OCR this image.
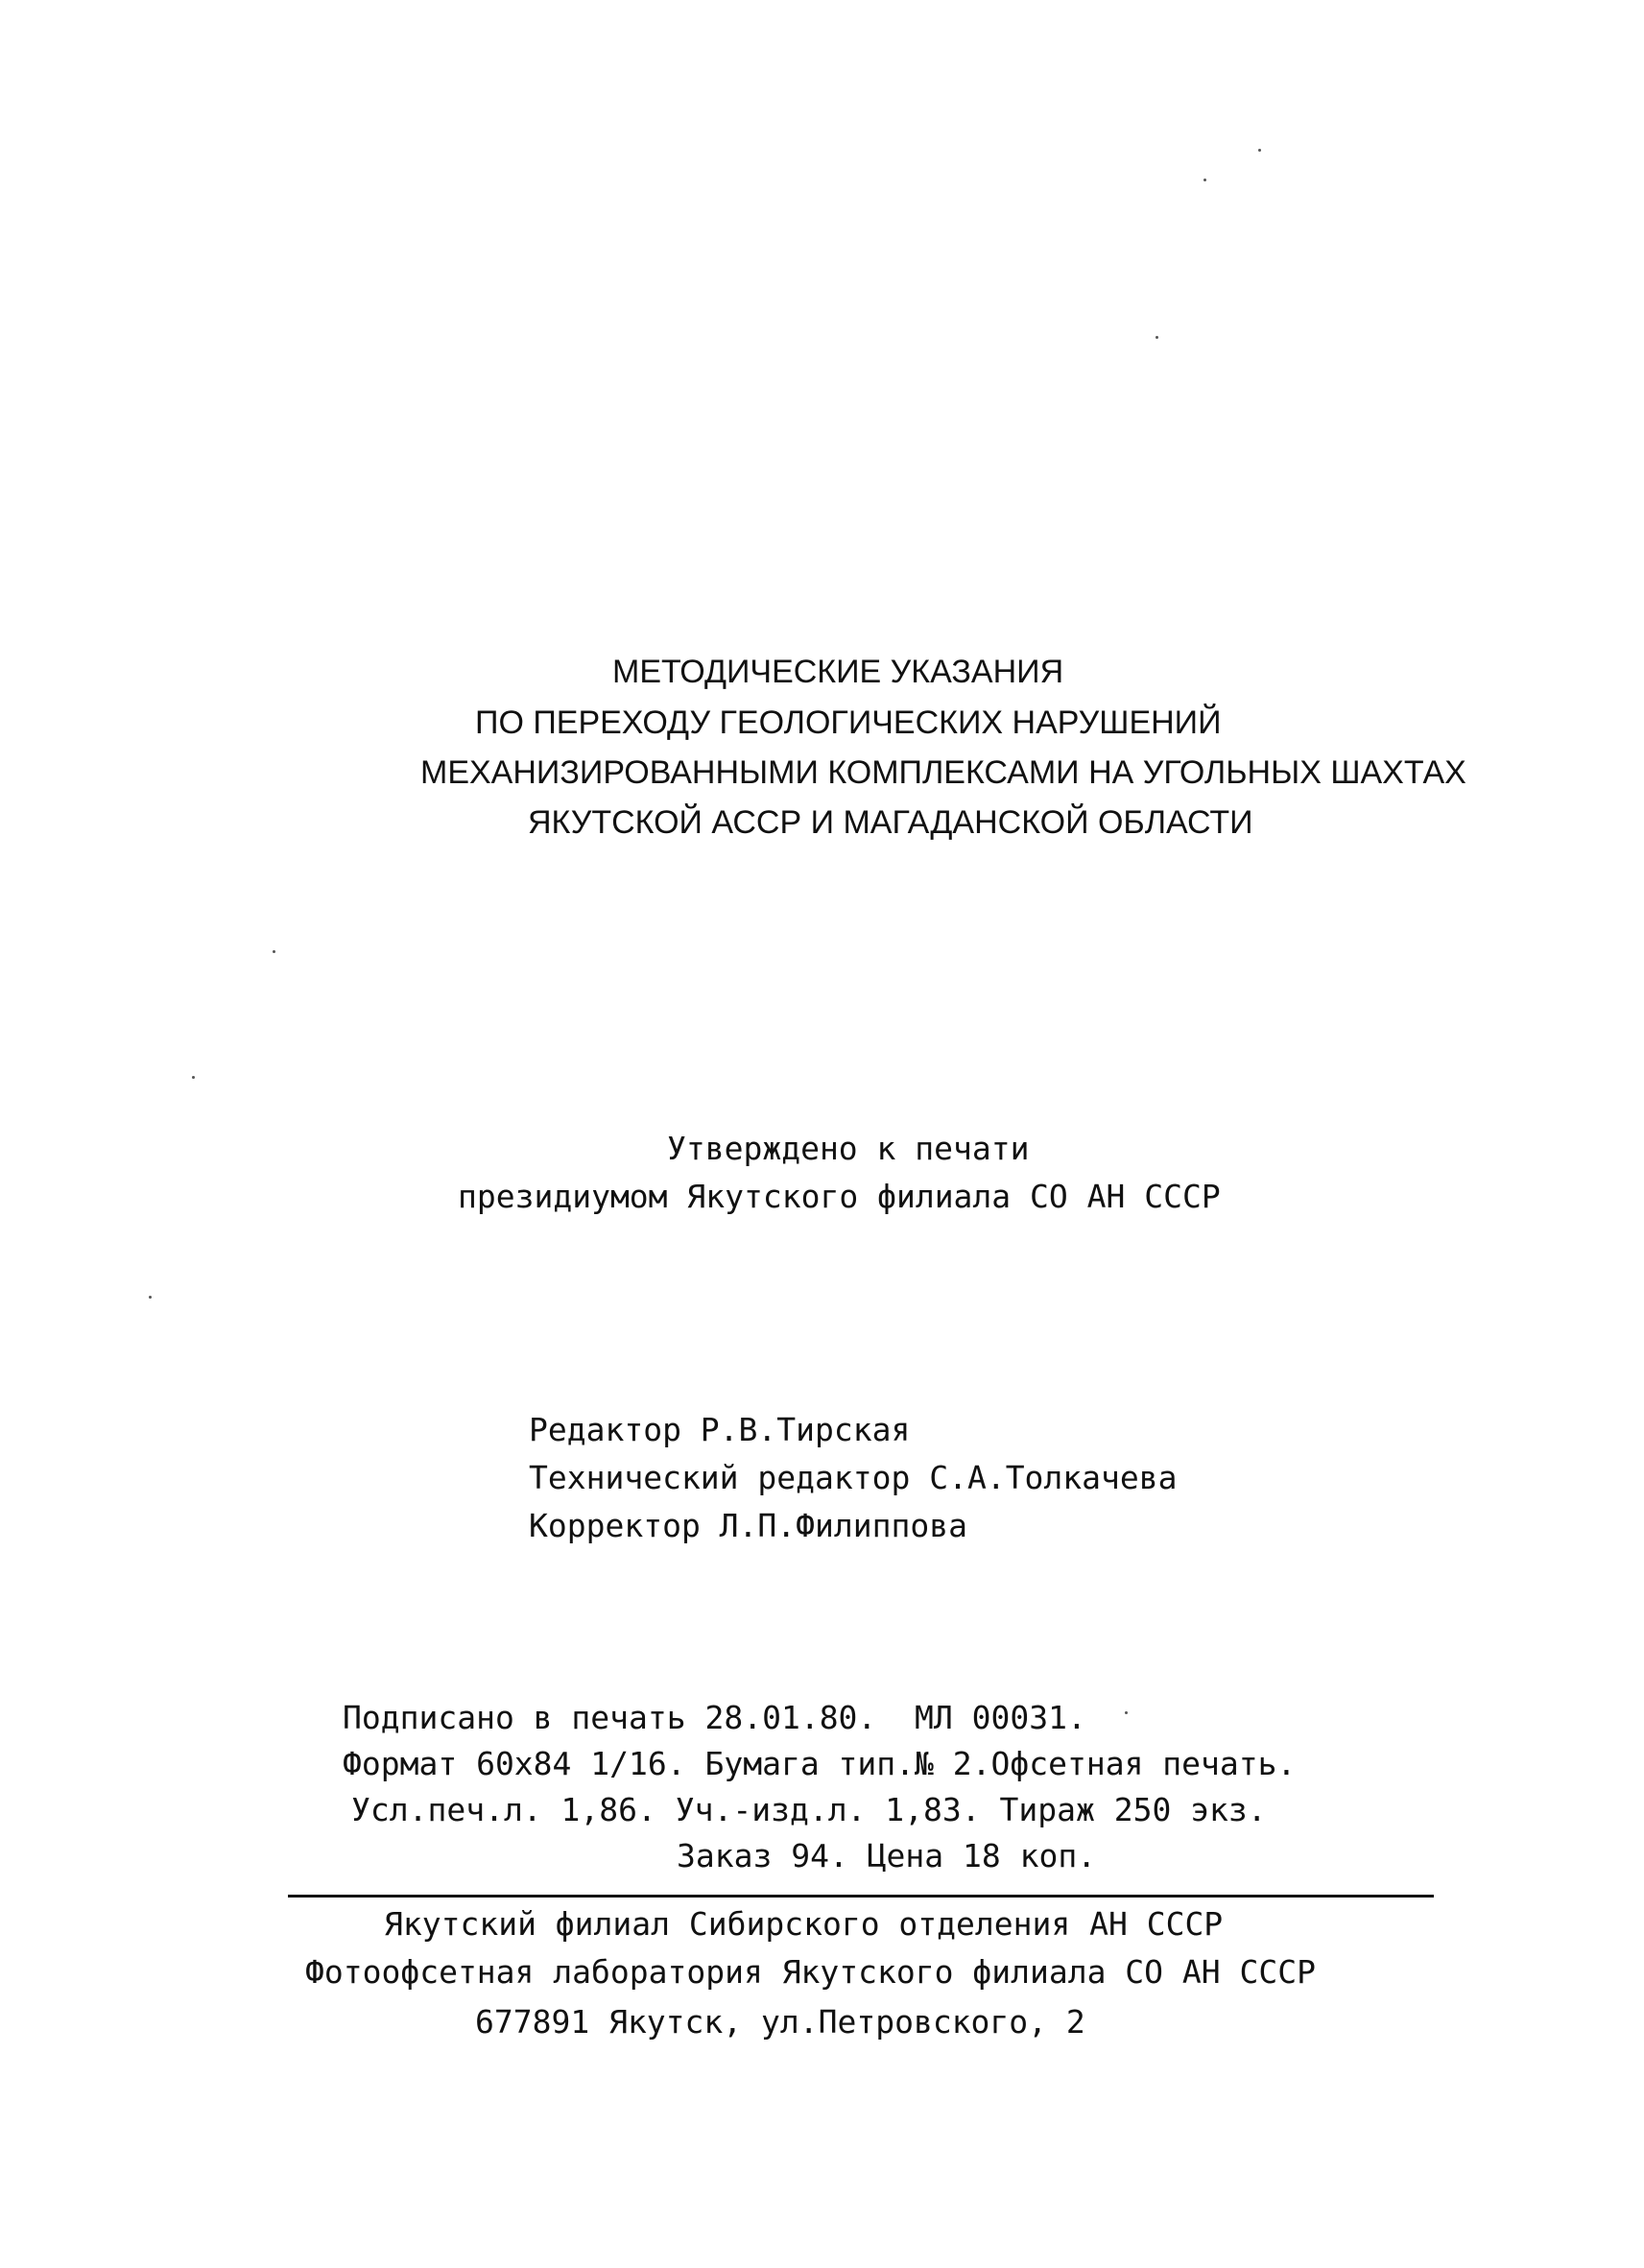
МЕТОДИЧЕСКИЕ УКАЗАНИЯ
ПО ПЕРЕХОДУ ГЕОЛОГИЧЕСКИХ НАРУШЕНИЙ
МЕХАНИЗИРОВАННЫМИ КОМПЛЕКСАМИ НА УГОЛЬНЫХ ШАХТАХ
ЯКУТСКОЙ АССР И МАГАДАНСКОЙ ОБЛАСТИ
Утверждено к печати
президиумом Якутского филиала СО АН СССР
Редактор Р.В.Тирская
Технический редактор С.А.Толкачева
Корректор Л.П.Филиппова
Подписано в печать 28.01.80.  МЛ 00031.
Формат 60x84 1/16. Бумага тип.№ 2.Офсетная печать.
Усл.печ.л. 1,86. Уч.-изд.л. 1,83. Тираж 250 экз.
Заказ 94. Цена 18 коп.
Якутский филиал Сибирского отделения АН СССР
Фотоофсетная лаборатория Якутского филиала СО АН СССР
677891 Якутск, ул.Петровского, 2
